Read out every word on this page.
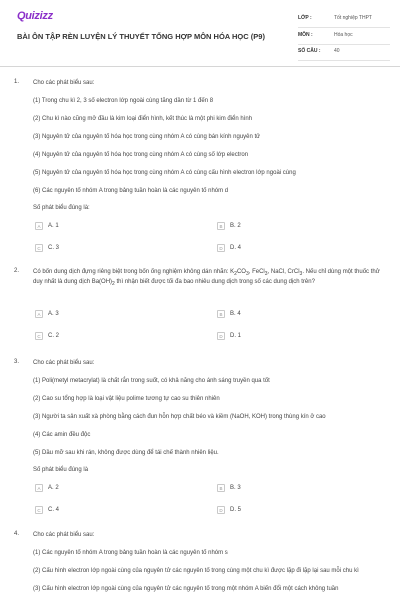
Quizizz
BÀI ÔN TẬP RÈN LUYỆN LÝ THUYẾT TỔNG HỢP MÔN HÓA HỌC (P9)
LỚP :	Tốt nghiệp THPT
MÔN :	Hóa học
SỐ CÂU :	40
1. Cho các phát biểu sau:
(1) Trong chu kì 2, 3 số electron lớp ngoài cùng tăng dần từ 1 đến 8
(2) Chu kì nào cũng mở đầu là kim loại điển hình, kết thúc là một phi kim điển hình
(3) Nguyên tử của nguyên tố hóa học trong cùng nhóm A có cùng bán kính nguyên tử
(4) Nguyên tử của nguyên tố hóa học trong cùng nhóm A có cùng số lớp electron
(5) Nguyên tử của nguyên tố hóa học trong cùng nhóm A có cùng cấu hình electron lớp ngoài cùng
(6) Các nguyên tố nhóm A trong bảng tuần hoàn là các nguyên tố nhóm d
Số phát biểu đúng là:
A	A. 1	B	B. 2
C	C. 3	D	D. 4
2. Có bốn dung dịch đựng riêng biệt trong bốn ống nghiệm không dán nhãn: $K_2CO_3$, FeCl$_3$, NaCl, CrCl$_3$. Nếu chỉ dùng một thuốc thử duy nhất là dung dịch $Ba(OH)_2$ thì nhận biết được tối đa bao nhiêu dung dịch trong số các dung dịch trên?
A	A. 3	B	B. 4
C	C. 2	D	D. 1
3. Cho các phát biểu sau:
(1) Poli(metyl metacrylat) là chất rắn trong suốt, có khả năng cho ánh sáng truyền qua tốt
(2) Cao su tổng hợp là loại vật liệu polime tương tự cao su thiên nhiên
(3) Người ta sản xuất xà phòng bằng cách đun hỗn hợp chất béo và kiềm (NaOH, KOH) trong thùng kín ở cao
(4) Các amin đều độc
(5) Dầu mỡ sau khi rán, không được dùng để tái chế thành nhiên liệu.
Số phát biểu đúng là
A	A. 2	B	B. 3
C	C. 4	D	D. 5
4. Cho các phát biểu sau:
(1) Các nguyên tố nhóm A trong bảng tuần hoàn là các nguyên tố nhóm s
(2) Cấu hình electron lớp ngoài cùng của nguyên tử các nguyên tố trong cùng một chu kì được lặp đi lặp lại sau mỗi chu kì
(3) Cấu hình electron lớp ngoài cùng của nguyên tử các nguyên tố trong một nhóm A biến đổi một cách không tuần
